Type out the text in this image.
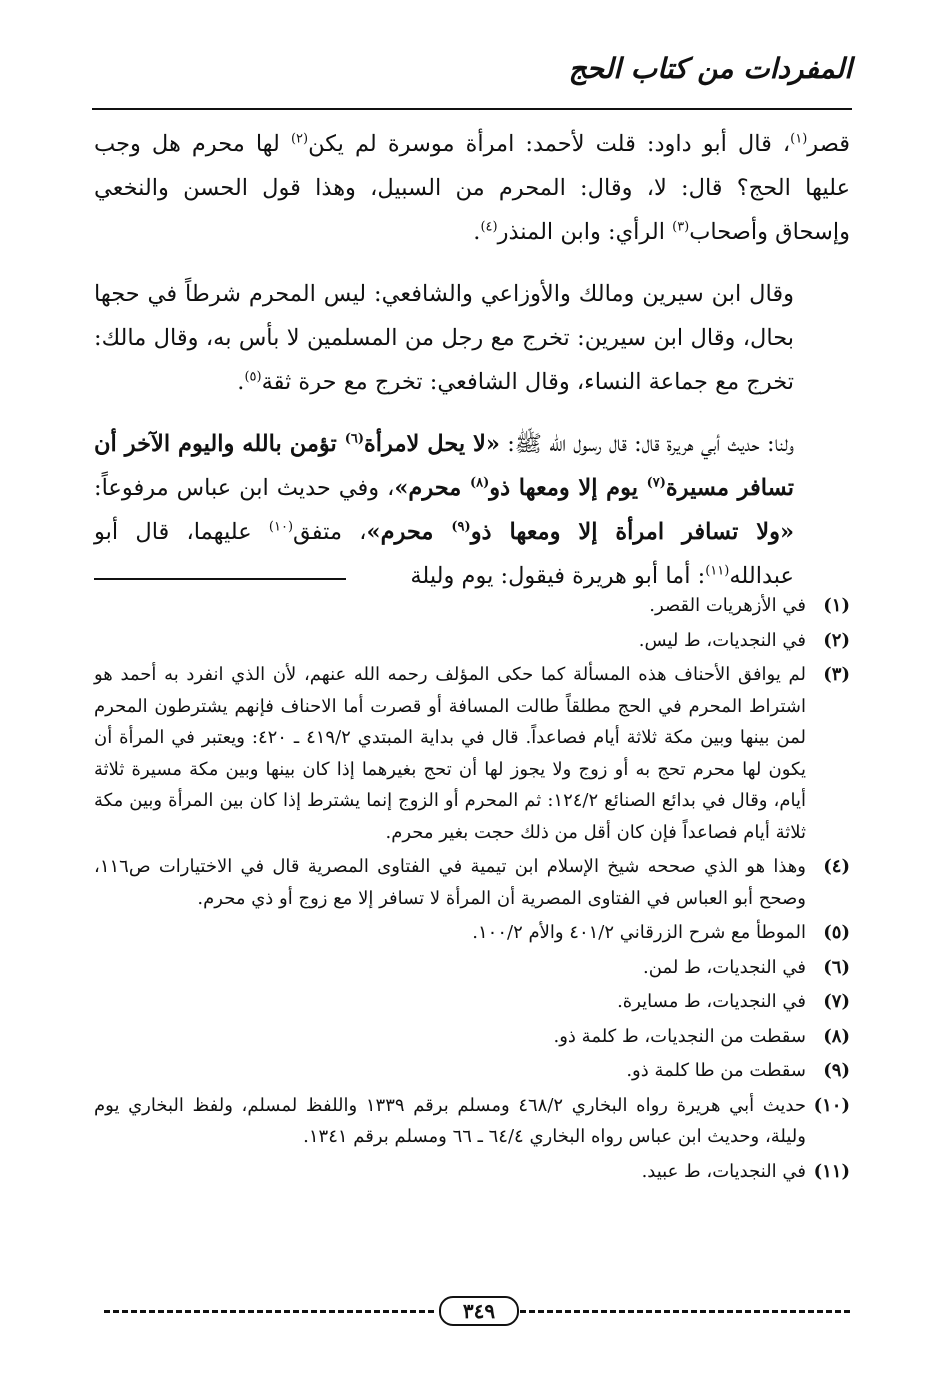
المفردات من كتاب الحج

قصر$^{(١)}$، قال أبو داود: قلت لأحمد: امرأة موسرة لم يكن$^{(٢)}$ لها محرم هل وجب عليها الحج؟ قال: لا، وقال: المحرم من السبيل، وهذا قول الحسن والنخعي وإسحاق وأصحاب$^{(٣)}$ الرأي: وابن المنذر$^{(٤)}$.

وقال ابن سيرين ومالك والأوزاعي والشافعي: ليس المحرم شرطاً في حجها بحال، وقال ابن سيرين: تخرج مع رجل من المسلمين لا بأس به، وقال مالك: تخرج مع جماعة النساء، وقال الشافعي: تخرج مع حرة ثقة$^{(٥)}$.

ولنا: حديث أبي هريرة قال: قال رسول الله ﷺ: «لا يحل لامرأة$^{(٦)}$ تؤمن بالله واليوم الآخر أن تسافر مسيرة$^{(٧)}$ يوم إلا ومعها ذو$^{(٨)}$ محرم»، وفي حديث ابن عباس مرفوعاً: «ولا تسافر امرأة إلا ومعها ذو$^{(٩)}$ محرم»، متفق$^{(١٠)}$ عليهما، قال أبو عبدالله$^{(١١)}$: أما أبو هريرة فيقول: يوم وليلة

(١)
في الأزهريات القصر.
(٢)
في النجديات، ط ليس.
(٣)
لم يوافق الأحناف هذه المسألة كما حكى المؤلف رحمه الله عنهم، لأن الذي انفرد به أحمد هو اشتراط المحرم في الحج مطلقاً طالت المسافة أو قصرت أما الاحناف فإنهم يشترطون المحرم لمن بينها وبين مكة ثلاثة أيام فصاعداً. قال في بداية المبتدي ٤١٩/٢ ـ ٤٢٠: ويعتبر في المرأة أن يكون لها محرم تحج به أو زوج ولا يجوز لها أن تحج بغيرهما إذا كان بينها وبين مكة مسيرة ثلاثة أيام، وقال في بدائع الصنائع ١٢٤/٢: ثم المحرم أو الزوج إنما يشترط إذا كان بين المرأة وبين مكة ثلاثة أيام فصاعداً فإن كان أقل من ذلك حجت بغير محرم.
(٤)
وهذا هو الذي صححه شيخ الإسلام ابن تيمية في الفتاوى المصرية قال في الاختيارات ص١١٦، وصحح أبو العباس في الفتاوى المصرية أن المرأة لا تسافر إلا مع زوج أو ذي محرم.
(٥)
الموطأ مع شرح الزرقاني ٤٠١/٢ والأم ١٠٠/٢.
(٦)
في النجديات، ط لمن.
(٧)
في النجديات، ط مسايرة.
(٨)
سقطت من النجديات، ط كلمة ذو.
(٩)
سقطت من طا كلمة ذو.
(١٠)
حديث أبي هريرة رواه البخاري ٤٦٨/٢ ومسلم برقم ١٣٣٩ واللفظ لمسلم، ولفظ البخاري يوم وليلة، وحديث ابن عباس رواه البخاري ٦٤/٤ ـ ٦٦ ومسلم برقم ١٣٤١.
(١١)
في النجديات، ط عبيد.
٣٤٩
